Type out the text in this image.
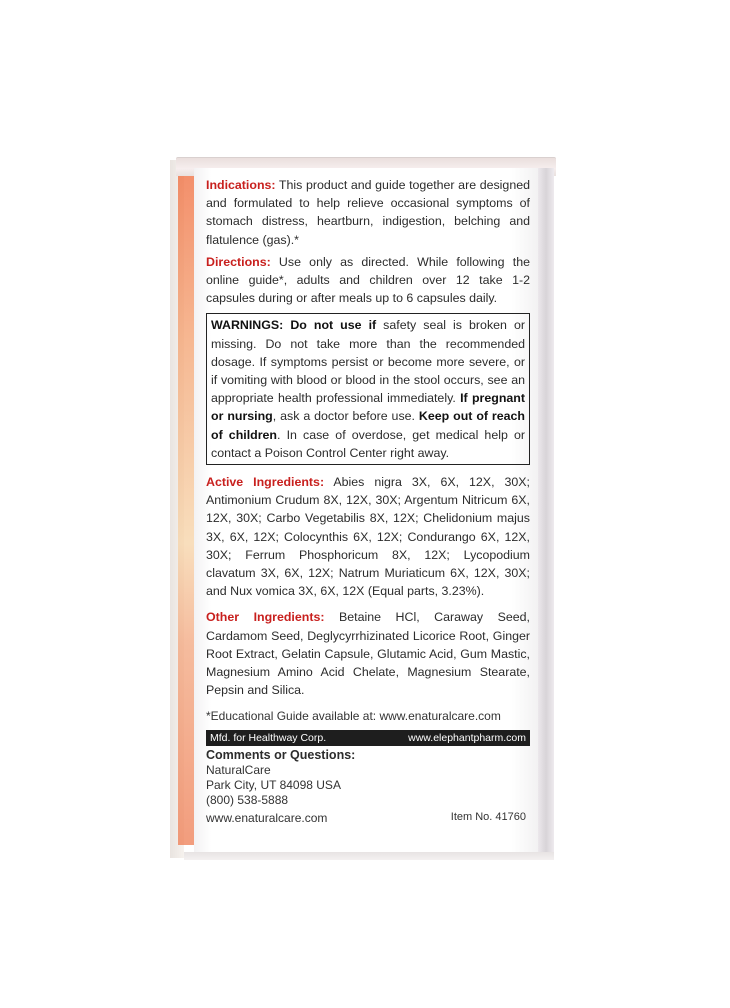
Indications: This product and guide together are designed and formulated to help relieve occasional symptoms of stomach distress, heartburn, indigestion, belching and flatulence (gas).*

Directions: Use only as directed. While following the online guide*, adults and children over 12 take 1-2 capsules during or after meals up to 6 capsules daily.

WARNINGS: Do not use if safety seal is broken or missing. Do not take more than the recommended dosage. If symptoms persist or become more severe, or if vomiting with blood or blood in the stool occurs, see an appropriate health professional immediately. If pregnant or nursing, ask a doctor before use. Keep out of reach of children. In case of overdose, get medical help or contact a Poison Control Center right away.

Active Ingredients: Abies nigra 3X, 6X, 12X, 30X; Antimonium Crudum 8X, 12X, 30X; Argentum Nitricum 6X, 12X, 30X; Carbo Vegetabilis 8X, 12X; Chelidonium majus 3X, 6X, 12X; Colocynthis 6X, 12X; Condurango 6X, 12X, 30X; Ferrum Phosphoricum 8X, 12X; Lycopodium clavatum 3X, 6X, 12X; Natrum Muriaticum 6X, 12X, 30X; and Nux vomica 3X, 6X, 12X (Equal parts, 3.23%).

Other Ingredients: Betaine HCl, Caraway Seed, Cardamom Seed, Deglycyrrhizinated Licorice Root, Ginger Root Extract, Gelatin Capsule, Glutamic Acid, Gum Mastic, Magnesium Amino Acid Chelate, Magnesium Stearate, Pepsin and Silica.

*Educational Guide available at: www.enaturalcare.com
Mfd. for Healthway Corp.	www.elephantpharm.com
Comments or Questions:
NaturalCare
Park City, UT 84098 USA
(800) 538-5888
www.enaturalcare.com	Item No. 41760
